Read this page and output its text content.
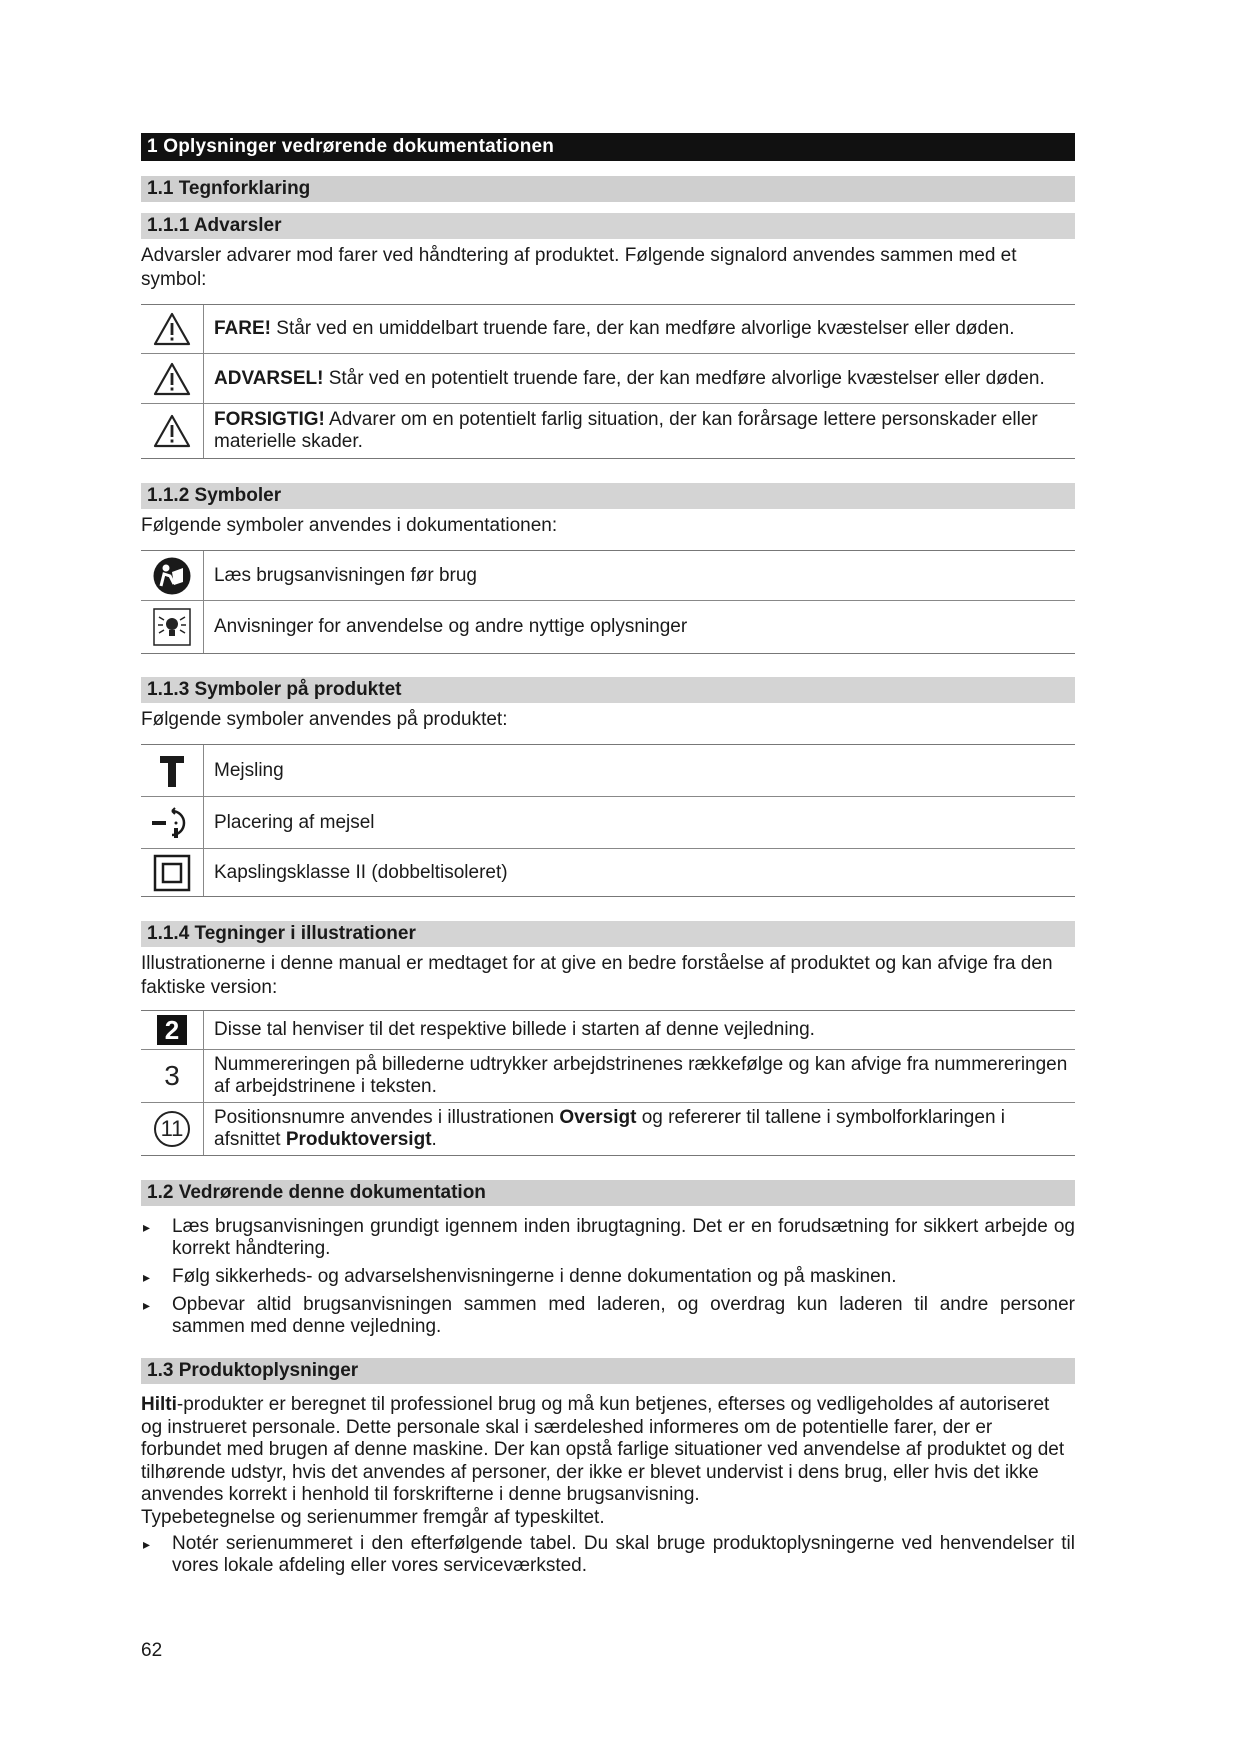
1 Oplysninger vedrørende dokumentationen
1.1 Tegnforklaring
1.1.1 Advarsler
Advarsler advarer mod farer ved håndtering af produktet. Følgende signalord anvendes sammen med et symbol:
FARE! Står ved en umiddelbart truende fare, der kan medføre alvorlige kvæstelser eller døden.
ADVARSEL! Står ved en potentielt truende fare, der kan medføre alvorlige kvæstelser eller døden.
FORSIGTIG! Advarer om en potentielt farlig situation, der kan forårsage lettere personskader eller materielle skader.
1.1.2 Symboler
Følgende symboler anvendes i dokumentationen:
Læs brugsanvisningen før brug
Anvisninger for anvendelse og andre nyttige oplysninger
1.1.3 Symboler på produktet
Følgende symboler anvendes på produktet:
Mejsling
Placering af mejsel
Kapslingsklasse II (dobbeltisoleret)
1.1.4 Tegninger i illustrationer
Illustrationerne i denne manual er medtaget for at give en bedre forståelse af produktet og kan afvige fra den faktiske version:
2	Disse tal henviser til det respektive billede i starten af denne vejledning.
3	Nummereringen på billederne udtrykker arbejdstrinenes rækkefølge og kan afvige fra nummereringen af arbejdstrinene i teksten.
11	Positionsnumre anvendes i illustrationen Oversigt og refererer til tallene i symbolforklaringen i afsnittet Produktoversigt.
1.2 Vedrørende denne dokumentation
▸ Læs brugsanvisningen grundigt igennem inden ibrugtagning. Det er en forudsætning for sikkert arbejde og korrekt håndtering.
▸ Følg sikkerheds- og advarselshenvisningerne i denne dokumentation og på maskinen.
▸ Opbevar altid brugsanvisningen sammen med laderen, og overdrag kun laderen til andre personer sammen med denne vejledning.
1.3 Produktoplysninger
Hilti-produkter er beregnet til professionel brug og må kun betjenes, efterses og vedligeholdes af autoriseret og instrueret personale. Dette personale skal i særdeleshed informeres om de potentielle farer, der er forbundet med brugen af denne maskine. Der kan opstå farlige situationer ved anvendelse af produktet og det tilhørende udstyr, hvis det anvendes af personer, der ikke er blevet undervist i dens brug, eller hvis det ikke anvendes korrekt i henhold til forskrifterne i denne brugsanvisning.
Typebetegnelse og serienummer fremgår af typeskiltet.
▸ Notér serienummeret i den efterfølgende tabel. Du skal bruge produktoplysningerne ved henvendelser til vores lokale afdeling eller vores serviceværksted.
62
